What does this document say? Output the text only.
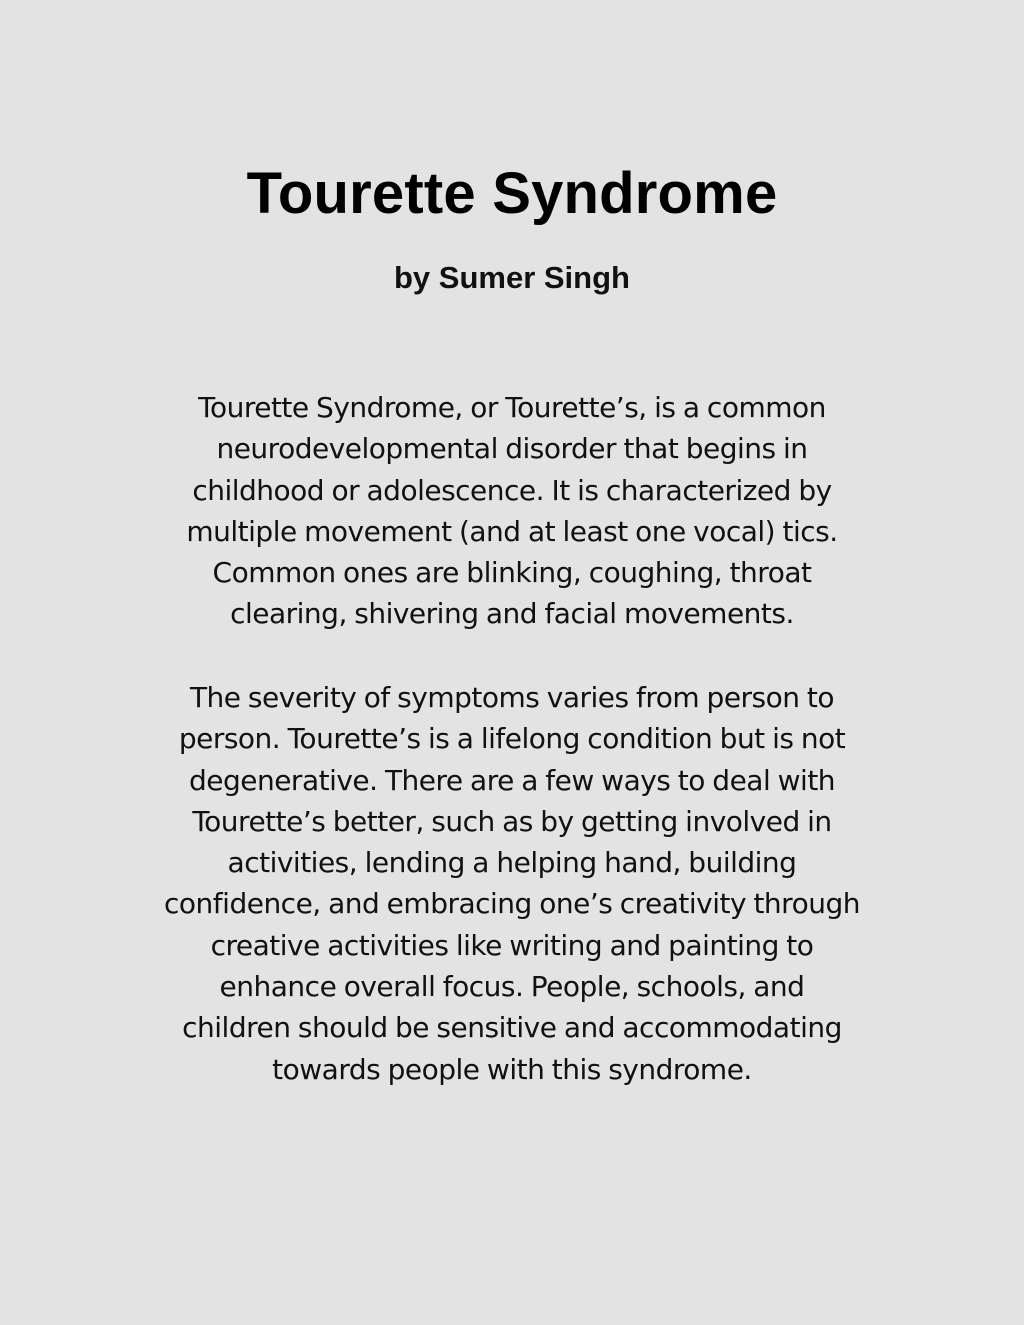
Tourette Syndrome
by Sumer Singh

Tourette Syndrome, or Tourette’s, is a common
neurodevelopmental disorder that begins in
childhood or adolescence. It is characterized by
multiple movement (and at least one vocal) tics.
Common ones are blinking, coughing, throat
clearing, shivering and facial movements.

The severity of symptoms varies from person to
person. Tourette’s is a lifelong condition but is not
degenerative. There are a few ways to deal with
Tourette’s better, such as by getting involved in
activities, lending a helping hand, building
confidence, and embracing one’s creativity through
creative activities like writing and painting to
enhance overall focus. People, schools, and
children should be sensitive and accommodating
towards people with this syndrome.
